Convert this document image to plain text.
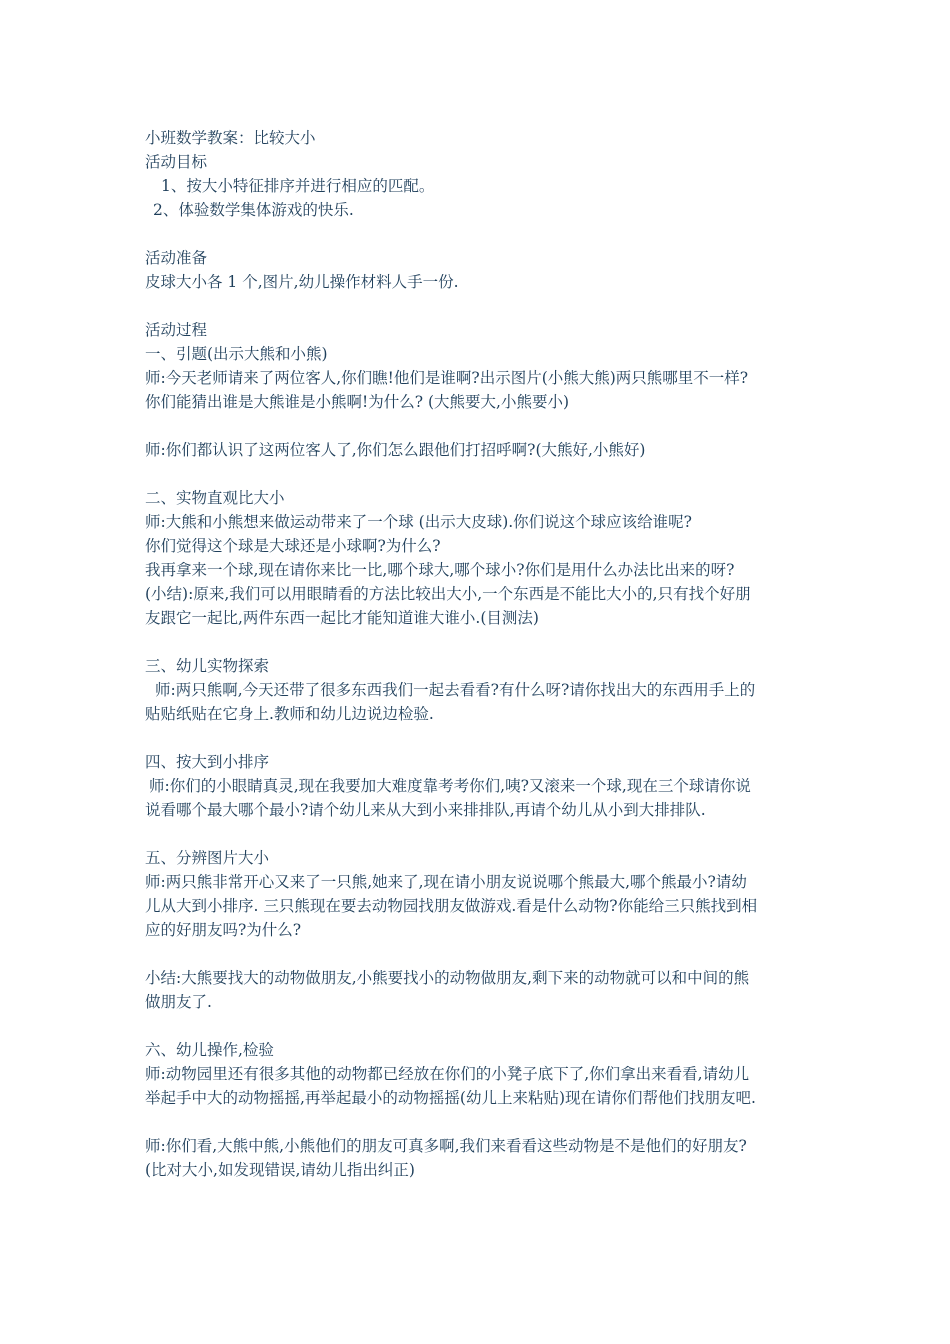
小班数学教案：比较大小
活动目标
1、按大小特征排序并进行相应的匹配。
2、体验数学集体游戏的快乐.
活动准备
皮球大小各 1 个,图片,幼儿操作材料人手一份.
活动过程
一、引题(出示大熊和小熊)
师:今天老师请来了两位客人,你们瞧!他们是谁啊?出示图片(小熊大熊)两只熊哪里不一样?
你们能猜出谁是大熊谁是小熊啊!为什么? (大熊要大,小熊要小)
师:你们都认识了这两位客人了,你们怎么跟他们打招呼啊?(大熊好,小熊好)
二、实物直观比大小
师:大熊和小熊想来做运动带来了一个球 (出示大皮球).你们说这个球应该给谁呢?
你们觉得这个球是大球还是小球啊?为什么?
我再拿来一个球,现在请你来比一比,哪个球大,哪个球小?你们是用什么办法比出来的呀?
(小结):原来,我们可以用眼睛看的方法比较出大小,一个东西是不能比大小的,只有找个好朋
友跟它一起比,两件东西一起比才能知道谁大谁小.(目测法)
三、幼儿实物探索
师:两只熊啊,今天还带了很多东西我们一起去看看?有什么呀?请你找出大的东西用手上的
贴贴纸贴在它身上.教师和幼儿边说边检验.
四、按大到小排序
师:你们的小眼睛真灵,现在我要加大难度靠考考你们,咦?又滚来一个球,现在三个球请你说
说看哪个最大哪个最小?请个幼儿来从大到小来排排队,再请个幼儿从小到大排排队.
五、分辨图片大小
师:两只熊非常开心又来了一只熊,她来了,现在请小朋友说说哪个熊最大,哪个熊最小?请幼
儿从大到小排序. 三只熊现在要去动物园找朋友做游戏.看是什么动物?你能给三只熊找到相
应的好朋友吗?为什么?
小结:大熊要找大的动物做朋友,小熊要找小的动物做朋友,剩下来的动物就可以和中间的熊
做朋友了.
六、幼儿操作,检验
师:动物园里还有很多其他的动物都已经放在你们的小凳子底下了,你们拿出来看看,请幼儿
举起手中大的动物摇摇,再举起最小的动物摇摇(幼儿上来粘贴)现在请你们帮他们找朋友吧.
师:你们看,大熊中熊,小熊他们的朋友可真多啊,我们来看看这些动物是不是他们的好朋友?
(比对大小,如发现错误,请幼儿指出纠正)
